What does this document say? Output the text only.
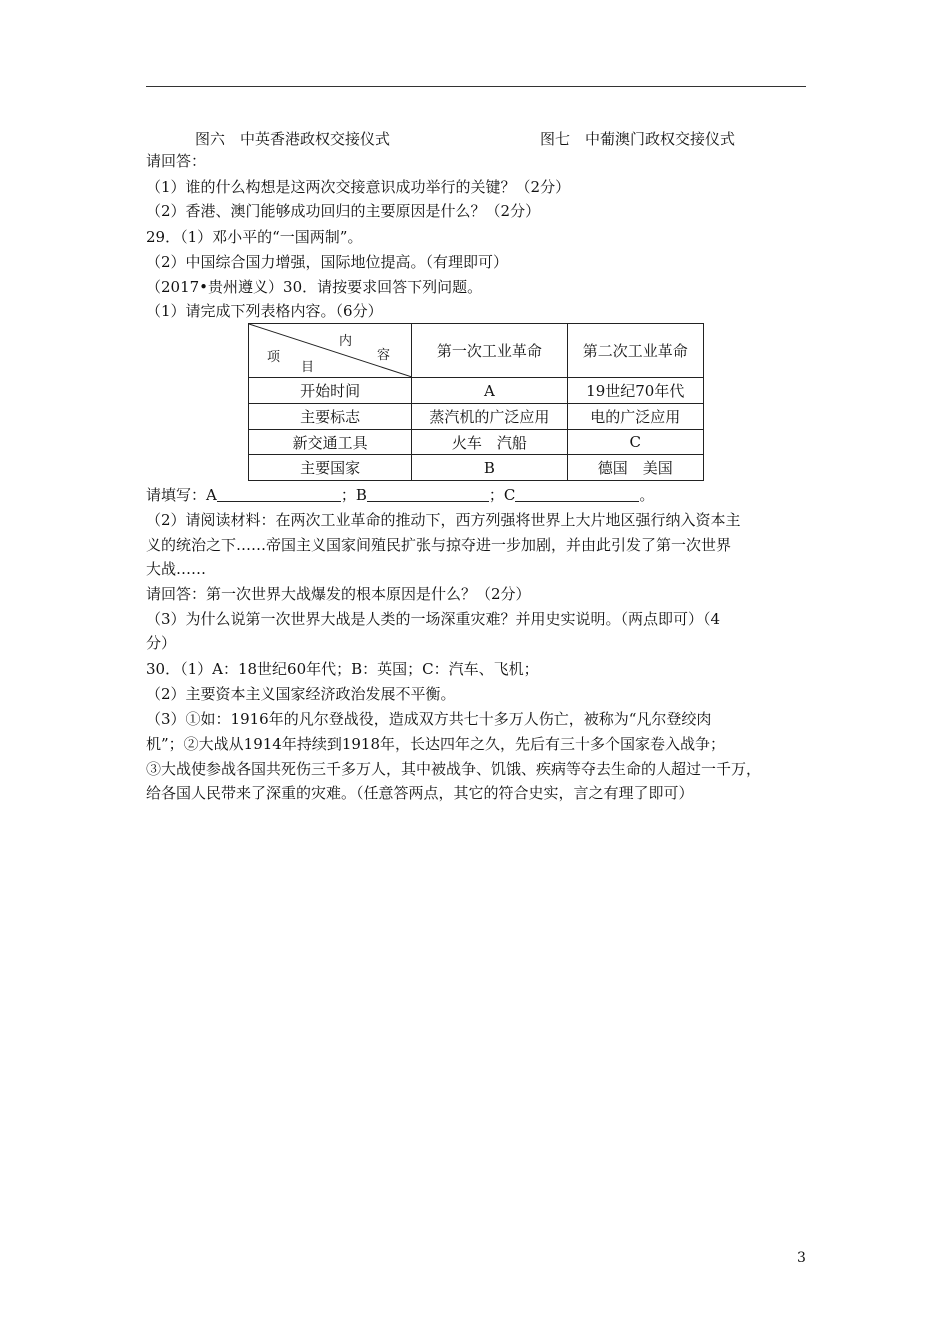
图六　中英香港政权交接仪式	图七　中葡澳门政权交接仪式
请回答：
（1）谁的什么构想是这两次交接意识成功举行的关键？（2分）
（2）香港、澳门能够成功回归的主要原因是什么？（2分）
29．（1）邓小平的“一国两制”。
（2）中国综合国力增强，国际地位提高。（有理即可）
（2017•贵州遵义）30．请按要求回答下列问题。
（1）请完成下列表格内容。（6分）
内
容
项
目	第一次工业革命	第二次工业革命
开始时间	A	19世纪70年代
主要标志	蒸汽机的广泛应用	电的广泛应用
新交通工具	火车　汽船	C
主要国家	B	德国　美国
请填写：A	；B	；C	。
（2）请阅读材料：在两次工业革命的推动下，西方列强将世界上大片地区强行纳入资本主
义的统治之下……帝国主义国家间殖民扩张与掠夺进一步加剧，并由此引发了第一次世界
大战……
请回答：第一次世界大战爆发的根本原因是什么？（2分）
（3）为什么说第一次世界大战是人类的一场深重灾难？并用史实说明。（两点即可）（4
分）
30．（1）A：18世纪60年代；B：英国；C：汽车、飞机；
（2）主要资本主义国家经济政治发展不平衡。
（3）①如：1916年的凡尔登战役，造成双方共七十多万人伤亡，被称为“凡尔登绞肉
机”；②大战从1914年持续到1918年，长达四年之久，先后有三十多个国家卷入战争；
③大战使参战各国共死伤三千多万人，其中被战争、饥饿、疾病等夺去生命的人超过一千万，
给各国人民带来了深重的灾难。（任意答两点，其它的符合史实，言之有理了即可）
3
